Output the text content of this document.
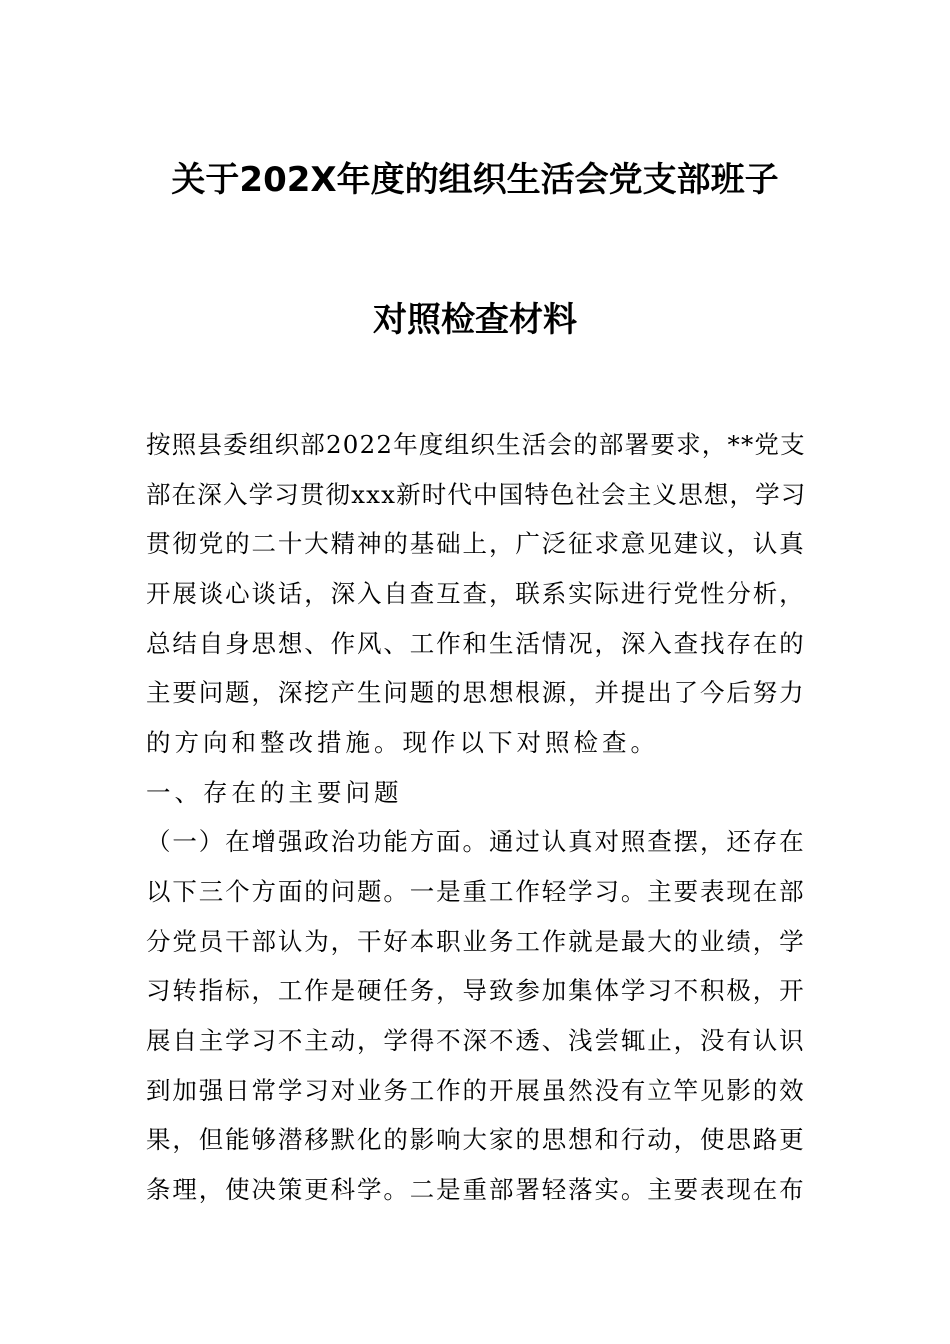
关于202X年度的组织生活会党支部班子
对照检查材料
按照县委组织部2022年度组织生活会的部署要求，**党支
部在深入学习贯彻xxx新时代中国特色社会主义思想，学习
贯彻党的二十大精神的基础上，广泛征求意见建议，认真
开展谈心谈话，深入自查互查，联系实际进行党性分析，
总结自身思想、作风、工作和生活情况，深入查找存在的
主要问题，深挖产生问题的思想根源，并提出了今后努力
的方向和整改措施。现作以下对照检查。
一、存在的主要问题
（一）在增强政治功能方面。通过认真对照查摆，还存在
以下三个方面的问题。一是重工作轻学习。主要表现在部
分党员干部认为，干好本职业务工作就是最大的业绩，学
习转指标，工作是硬任务，导致参加集体学习不积极，开
展自主学习不主动，学得不深不透、浅尝辄止，没有认识
到加强日常学习对业务工作的开展虽然没有立竿见影的效
果，但能够潜移默化的影响大家的思想和行动，使思路更
条理，使决策更科学。二是重部署轻落实。主要表现在布
